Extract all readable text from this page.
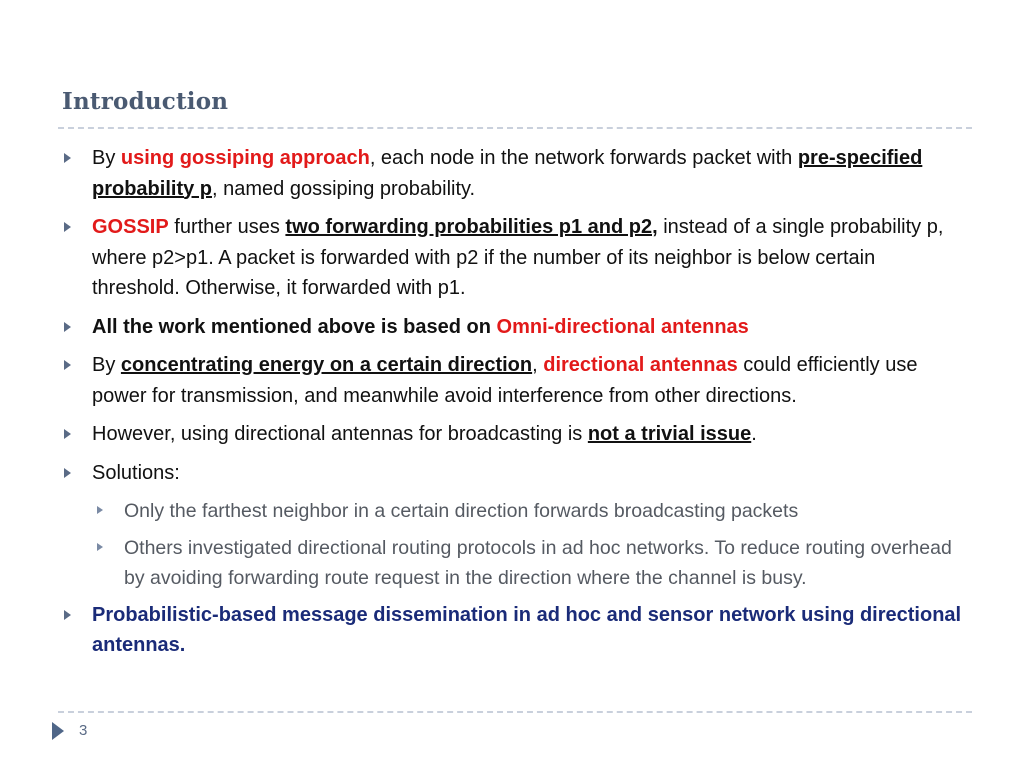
Introduction
By using gossiping approach, each node in the network forwards packet with pre-specified probability p, named gossiping probability.
GOSSIP further uses two forwarding probabilities p1 and p2, instead of a single probability p, where p2>p1. A packet is forwarded with p2 if the number of its neighbor is below certain threshold. Otherwise, it forwarded with p1.
All the work mentioned above is based on Omni-directional antennas
By concentrating energy on a certain direction, directional antennas could efficiently use power for transmission, and meanwhile avoid interference from other directions.
However, using directional antennas for broadcasting is not a trivial issue.
Solutions:
Only the farthest neighbor in a certain direction forwards broadcasting packets
Others investigated directional routing protocols in ad hoc networks. To reduce routing overhead by avoiding forwarding route request in the direction where the channel is busy.
Probabilistic-based message dissemination in ad hoc and sensor network using directional antennas.
3
